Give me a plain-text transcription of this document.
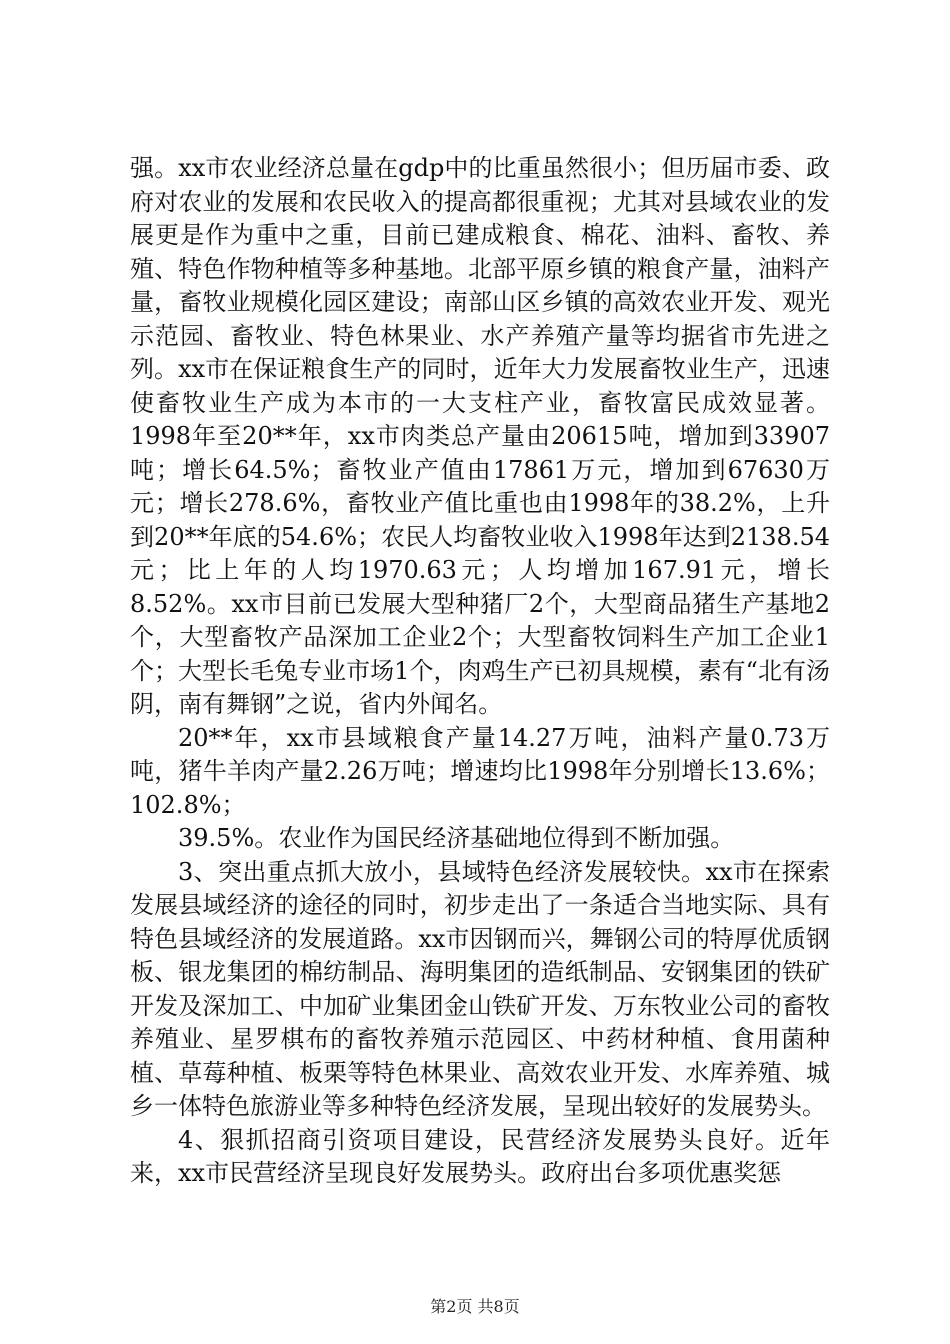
强。xx市农业经济总量在gdp中的比重虽然很小；但历届市委、政府对农业的发展和农民收入的提高都很重视；尤其对县域农业的发展更是作为重中之重，目前已建成粮食、棉花、油料、畜牧、养殖、特色作物种植等多种基地。北部平原乡镇的粮食产量，油料产量，畜牧业规模化园区建设；南部山区乡镇的高效农业开发、观光示范园、畜牧业、特色林果业、水产养殖产量等均据省市先进之列。xx市在保证粮食生产的同时，近年大力发展畜牧业生产，迅速使畜牧业生产成为本市的一大支柱产业，畜牧富民成效显著。1998年至20**年，xx市肉类总产量由20615吨，增加到33907吨；增长64.5%；畜牧业产值由17861万元，增加到67630万元；增长278.6%，畜牧业产值比重也由1998年的38.2%，上升到20**年底的54.6%；农民人均畜牧业收入1998年达到2138.54元；比上年的人均1970.63元；人均增加167.91元，增长8.52%。xx市目前已发展大型种猪厂2个，大型商品猪生产基地2个，大型畜牧产品深加工企业2个；大型畜牧饲料生产加工企业1个；大型长毛兔专业市场1个，肉鸡生产已初具规模，素有“北有汤阴，南有舞钢”之说，省内外闻名。

20**年，xx市县域粮食产量14.27万吨，油料产量0.73万吨，猪牛羊肉产量2.26万吨；增速均比1998年分别增长13.6%；102.8%；

39.5%。农业作为国民经济基础地位得到不断加强。

3、突出重点抓大放小，县域特色经济发展较快。xx市在探索发展县域经济的途径的同时，初步走出了一条适合当地实际、具有特色县域经济的发展道路。xx市因钢而兴，舞钢公司的特厚优质钢板、银龙集团的棉纺制品、海明集团的造纸制品、安钢集团的铁矿开发及深加工、中加矿业集团金山铁矿开发、万东牧业公司的畜牧养殖业、星罗棋布的畜牧养殖示范园区、中药材种植、食用菌种植、草莓种植、板栗等特色林果业、高效农业开发、水库养殖、城乡一体特色旅游业等多种特色经济发展，呈现出较好的发展势头。

4、狠抓招商引资项目建设，民营经济发展势头良好。近年来，xx市民营经济呈现良好发展势头。政府出台多项优惠奖惩

第2页 共8页
